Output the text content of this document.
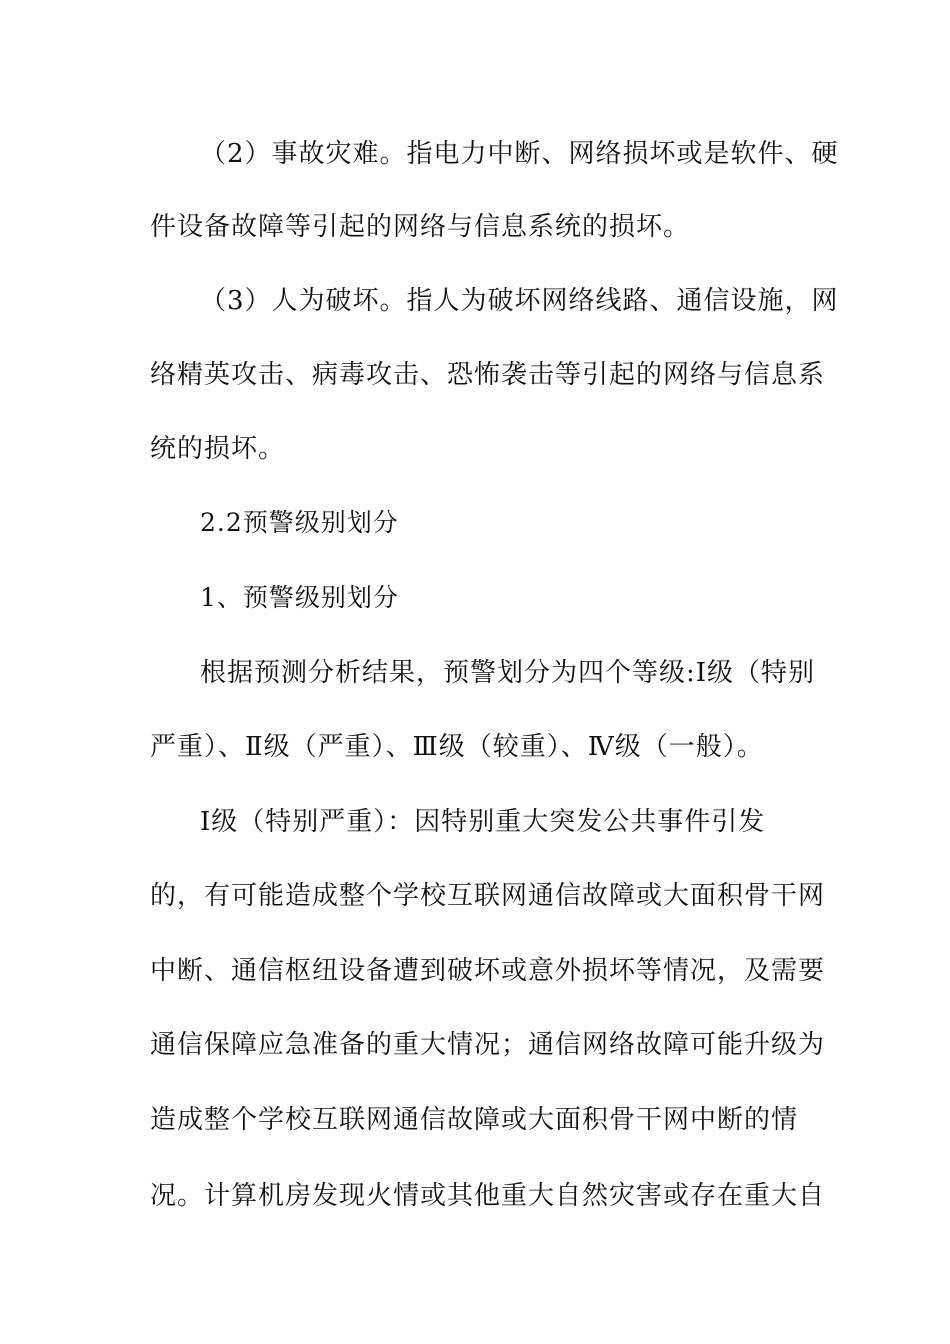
（2）事故灾难。指电力中断、网络损坏或是软件、硬
件设备故障等引起的网络与信息系统的损坏。
（3）人为破坏。指人为破坏网络线路、通信设施，网
络精英攻击、病毒攻击、恐怖袭击等引起的网络与信息系
统的损坏。
2.2预警级别划分
1、预警级别划分
根据预测分析结果，预警划分为四个等级:Ⅰ级（特别
严重）、Ⅱ级（严重）、Ⅲ级（较重）、Ⅳ级（一般）。
Ⅰ级（特别严重）：因特别重大突发公共事件引发
的，有可能造成整个学校互联网通信故障或大面积骨干网
中断、通信枢纽设备遭到破坏或意外损坏等情况，及需要
通信保障应急准备的重大情况；通信网络故障可能升级为
造成整个学校互联网通信故障或大面积骨干网中断的情
况。计算机房发现火情或其他重大自然灾害或存在重大自
